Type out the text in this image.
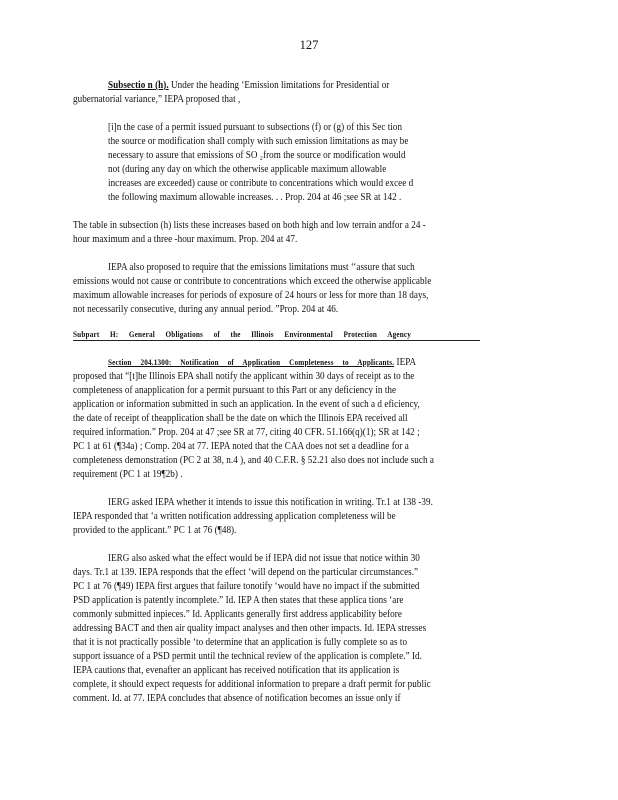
127
Subsectio n (h). Under the heading ‘Emission limitations for Presidential or
gubernatorial variance,” IEPA proposed that ,
[i]n the case of a permit issued pursuant to subsections (f) or (g) of this Sec tion
the source or modification shall comply with such emission limitations as may be
necessary to assure that emissions of SO ₂from the source or modification would
not (during any day on which the otherwise applicable maximum allowable
increases are exceeded) cause or contribute to concentrations which would excee d
the following maximum allowable increases. . . Prop. 204 at 46 ;see SR at 142 .
The table in subsection (h) lists these increases based on both high and low terrain andfor a 24 -
hour maximum and a three -hour maximum. Prop. 204 at 47.
IEPA also proposed to require that the emissions limitations must ‘‘assure that such
emissions would not cause or contribute to concentrations which exceed the otherwise applicable
maximum allowable increases for periods of exposure of 24 hours or less for more than 18 days,
not necessarily consecutive, during any annual period. ”Prop. 204 at 46.
Subpart H: General Obligations of the Illinois Environmental Protection Agency
Section 204.1300: Notification of Application Completeness to Applicants. IEPA
proposed that “[t]he Illinois EPA shall notify the applicant within 30 days of receipt as to the
completeness of anapplication for a permit pursuant to this Part or any deficiency in the
application or information submitted in such an application. In the event of such a d eficiency,
the date of receipt of theapplication shall be the date on which the Illinois EPA received all
required information.” Prop. 204 at 47 ;see SR at 77, citing 40 CFR. 51.166(q)(1); SR at 142 ;
PC 1 at 61 (¶34a) ; Comp. 204 at 77. IEPA noted that the CAA does not set a deadline for a
completeness demonstration (PC 2 at 38, n.4 ), and 40 C.F.R. § 52.21 also does not include such a
requirement (PC 1 at 19¶2b) .
IERG asked IEPA whether it intends to issue this notification in writing. Tr.1 at 138 -39.
IEPA responded that ‘a written notification addressing application completeness will be
provided to the applicant.” PC 1 at 76 (¶48).
IERG also asked what the effect would be if IEPA did not issue that notice within 30
days. Tr.1 at 139. IEPA responds that the effect ‘will depend on the particular circumstances.”
PC 1 at 76 (¶49) IEPA first argues that failure tonotify ‘would have no impact if the submitted
PSD application is patently incomplete.” Id. IEP A then states that these applica tions ‘are
commonly submitted inpieces.” Id. Applicants generally first address applicability before
addressing BACT and then air quality impact analyses and then other impacts. Id. IEPA stresses
that it is not practically possible ‘to determine that an application is fully complete so as to
support issuance of a PSD permit until the technical review of the application is complete.” Id.
IEPA cautions that, evenafter an applicant has received notification that its application is
complete, it should expect requests for additional information to prepare a draft permit for public
comment. Id. at 77. IEPA concludes that absence of notification becomes an issue only if
